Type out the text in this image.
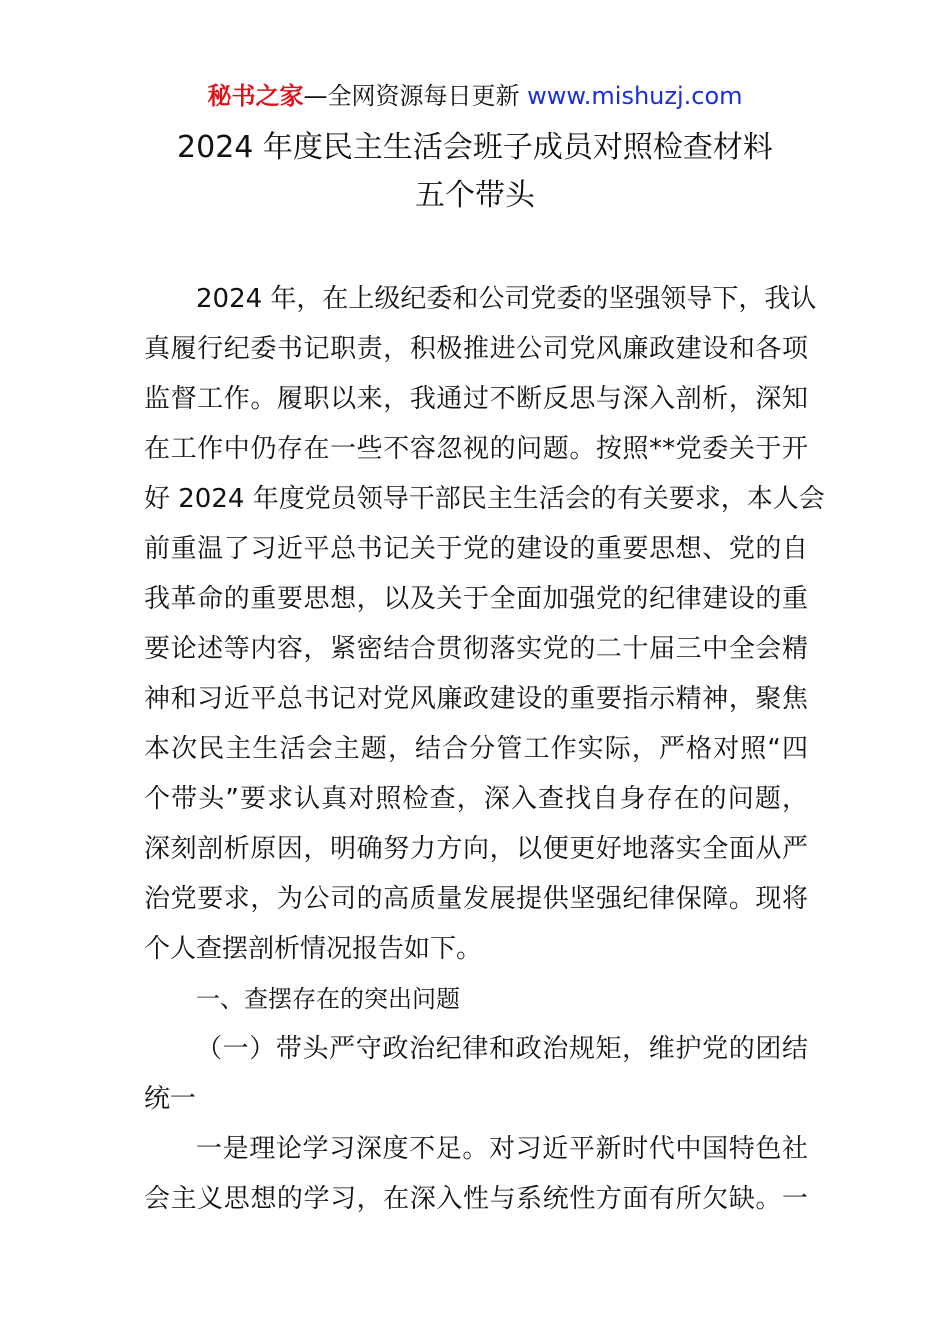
秘书之家—全网资源每日更新 www.mishuzj.com
2024 年度民主生活会班子成员对照检查材料
五个带头
2024 年，在上级纪委和公司党委的坚强领导下，我认
真履行纪委书记职责，积极推进公司党风廉政建设和各项
监督工作。履职以来，我通过不断反思与深入剖析，深知
在工作中仍存在一些不容忽视的问题。按照**党委关于开
好 2024 年度党员领导干部民主生活会的有关要求，本人会
前重温了习近平总书记关于党的建设的重要思想、党的自
我革命的重要思想，以及关于全面加强党的纪律建设的重
要论述等内容，紧密结合贯彻落实党的二十届三中全会精
神和习近平总书记对党风廉政建设的重要指示精神，聚焦
本次民主生活会主题，结合分管工作实际，严格对照“四
个带头”要求认真对照检查，深入查找自身存在的问题，
深刻剖析原因，明确努力方向，以便更好地落实全面从严
治党要求，为公司的高质量发展提供坚强纪律保障。现将
个人查摆剖析情况报告如下。
一、查摆存在的突出问题
（一）带头严守政治纪律和政治规矩，维护党的团结
统一
一是理论学习深度不足。对习近平新时代中国特色社
会主义思想的学习，在深入性与系统性方面有所欠缺。一
